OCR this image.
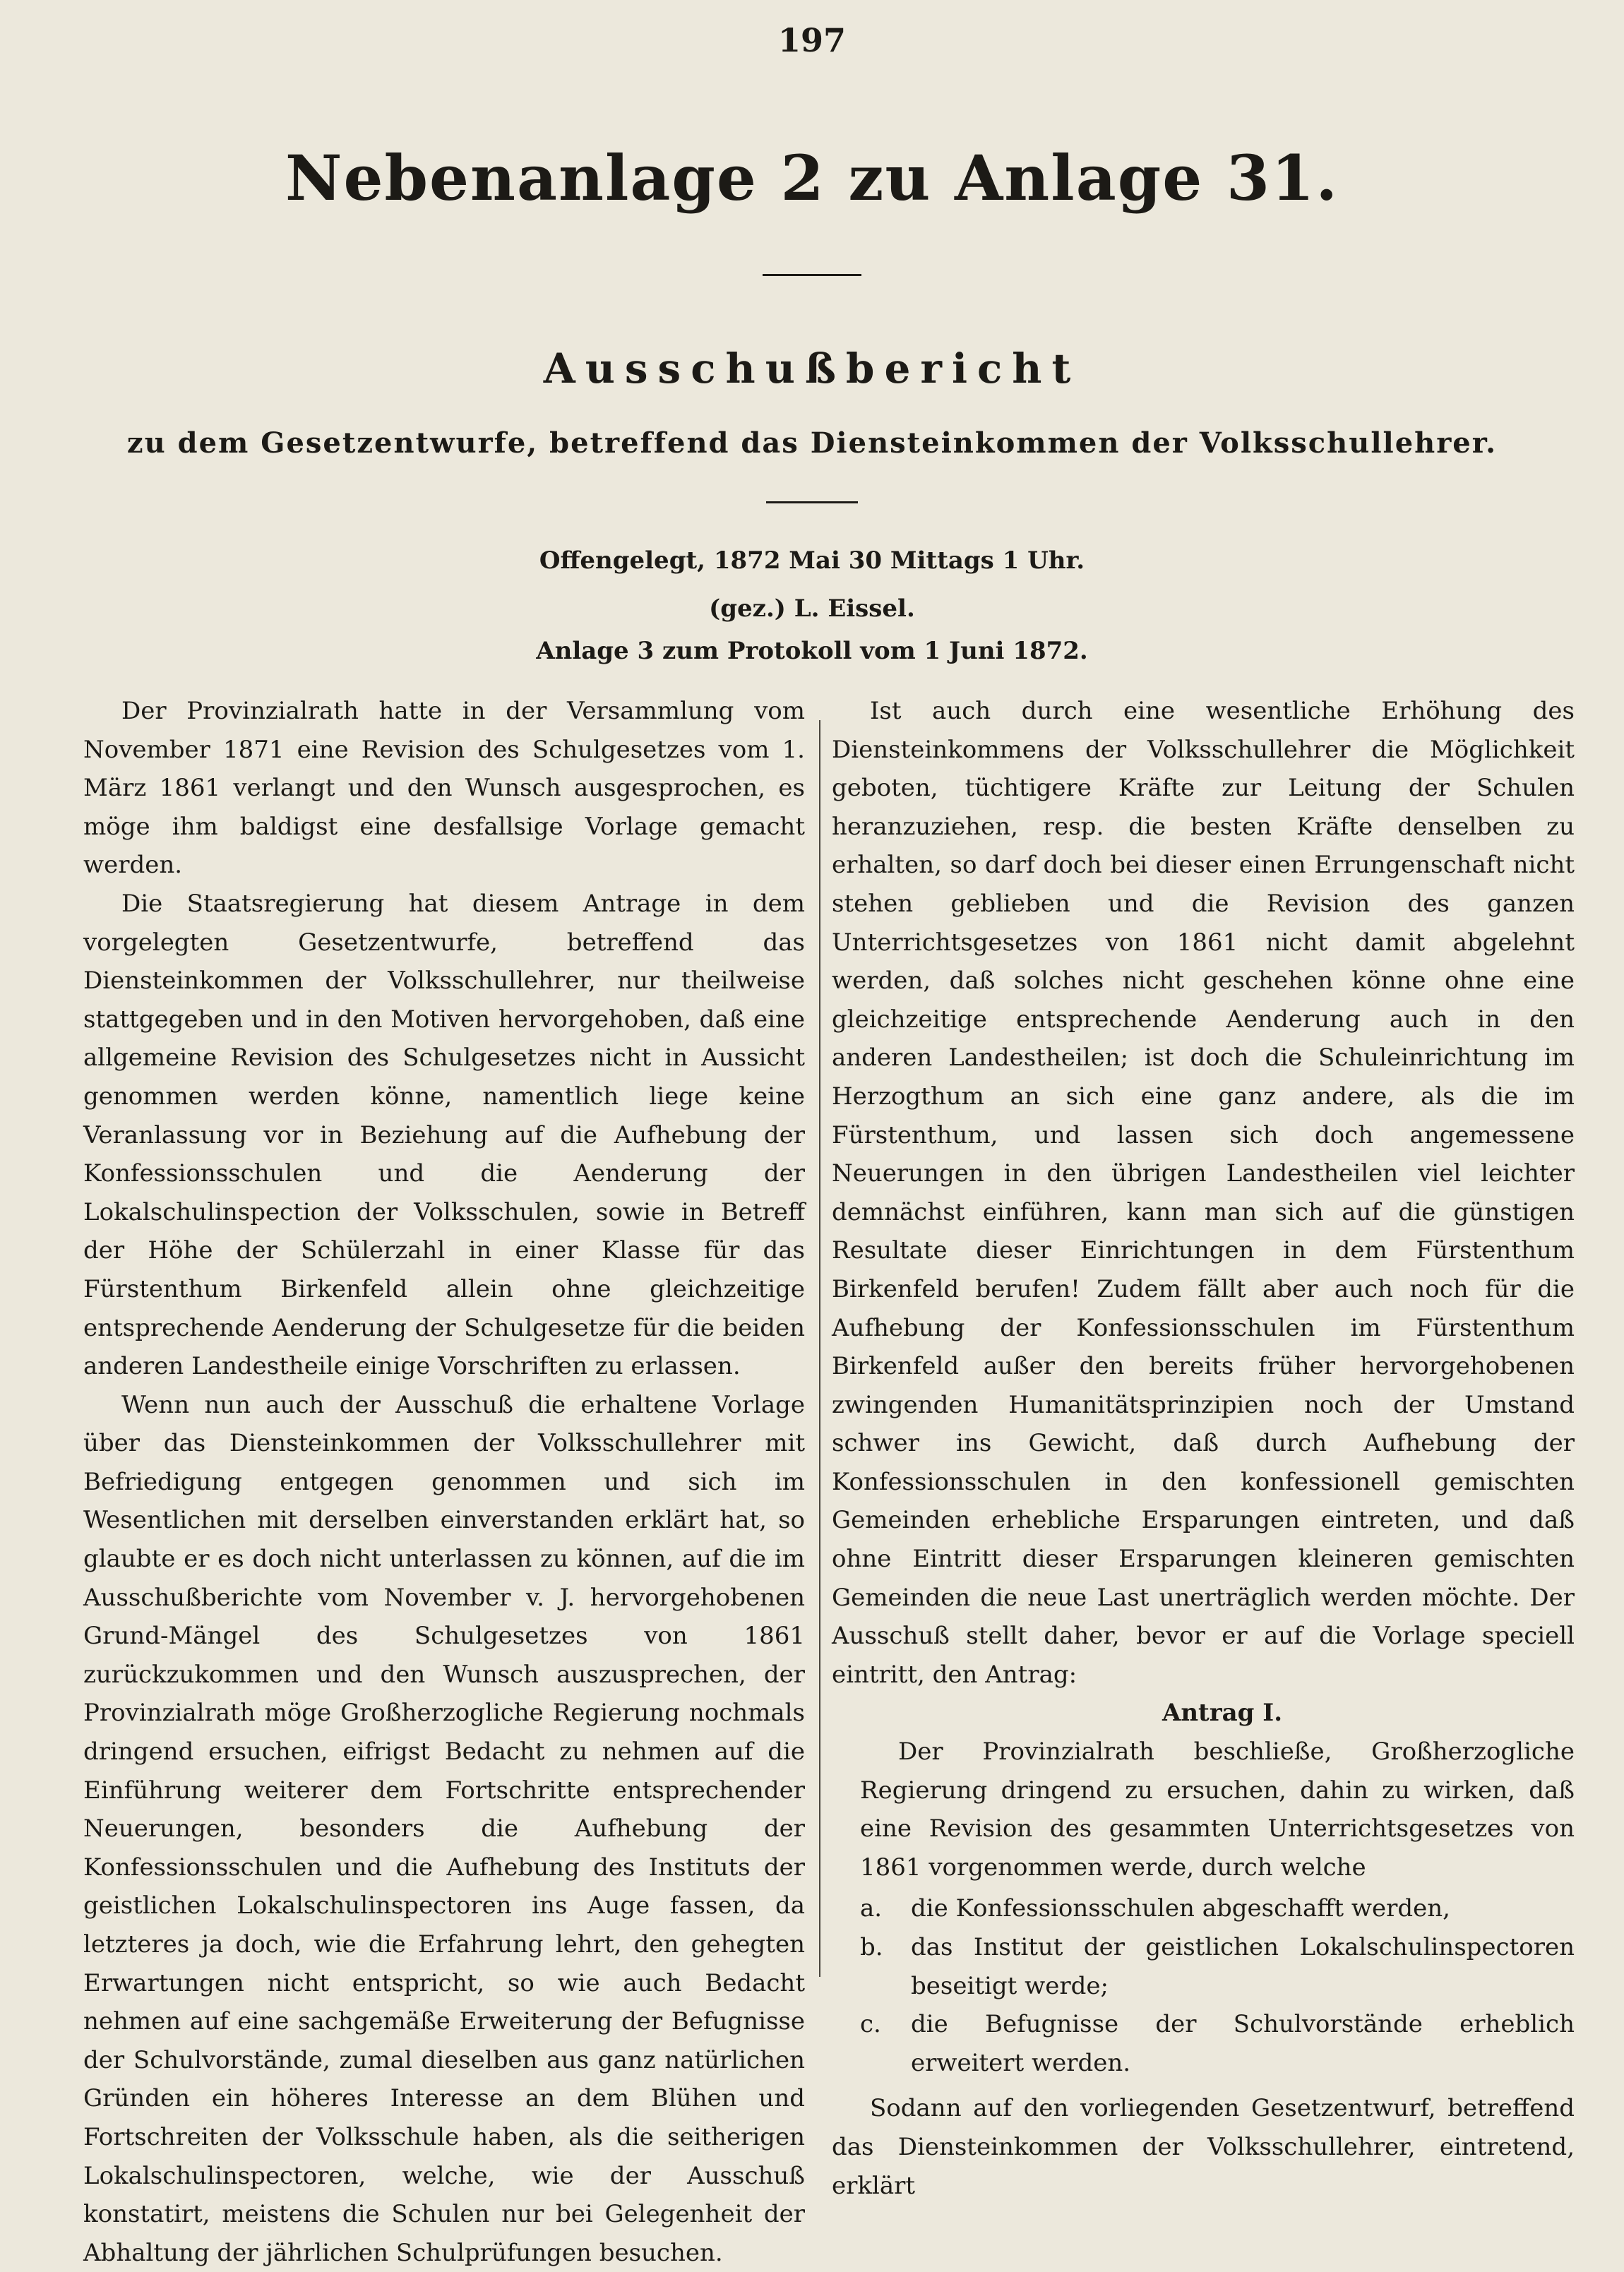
197
Nebenanlage 2 zu Anlage 31.
Ausschußbericht
zu dem Gesetzentwurfe, betreffend das Diensteinkommen der Volksschullehrer.
Offengelegt, 1872 Mai 30 Mittags 1 Uhr.
(gez.) L. Eissel.
Anlage 3 zum Protokoll vom 1 Juni 1872.

Der Provinzialrath hatte in der Versammlung vom November 1871 eine Revision des Schulgesetzes vom 1. März 1861 verlangt und den Wunsch ausgesprochen, es möge ihm baldigst eine desfallsige Vorlage gemacht werden.

Die Staatsregierung hat diesem Antrage in dem vorgelegten Gesetzentwurfe, betreffend das Diensteinkommen der Volksschullehrer, nur theilweise stattgegeben und in den Motiven hervorgehoben, daß eine allgemeine Revision des Schulgesetzes nicht in Aussicht genommen werden könne, namentlich liege keine Veranlassung vor in Beziehung auf die Aufhebung der Konfessionsschulen und die Aenderung der Lokalschulinspection der Volksschulen, sowie in Betreff der Höhe der Schülerzahl in einer Klasse für das Fürstenthum Birkenfeld allein ohne gleichzeitige entsprechende Aenderung der Schulgesetze für die beiden anderen Landestheile einige Vorschriften zu erlassen.

Wenn nun auch der Ausschuß die erhaltene Vorlage über das Diensteinkommen der Volksschullehrer mit Befriedigung entgegen genommen und sich im Wesentlichen mit derselben einverstanden erklärt hat, so glaubte er es doch nicht unterlassen zu können, auf die im Ausschußberichte vom November v. J. hervorgehobenen Grund-Mängel des Schulgesetzes von 1861 zurückzukommen und den Wunsch auszusprechen, der Provinzialrath möge Großherzogliche Regierung nochmals dringend ersuchen, eifrigst Bedacht zu nehmen auf die Einführung weiterer dem Fortschritte entsprechender Neuerungen, besonders die Aufhebung der Konfessionsschulen und die Aufhebung des Instituts der geistlichen Lokalschulinspectoren ins Auge fassen, da letzteres ja doch, wie die Erfahrung lehrt, den gehegten Erwartungen nicht entspricht, so wie auch Bedacht nehmen auf eine sachgemäße Erweiterung der Befugnisse der Schulvorstände, zumal dieselben aus ganz natürlichen Gründen ein höheres Interesse an dem Blühen und Fortschreiten der Volksschule haben, als die seitherigen Lokalschulinspectoren, welche, wie der Ausschuß konstatirt, meistens die Schulen nur bei Gelegenheit der Abhaltung der jährlichen Schulprüfungen besuchen.

Ist auch durch eine wesentliche Erhöhung des Diensteinkommens der Volksschullehrer die Möglichkeit geboten, tüchtigere Kräfte zur Leitung der Schulen heranzuziehen, resp. die besten Kräfte denselben zu erhalten, so darf doch bei dieser einen Errungenschaft nicht stehen geblieben und die Revision des ganzen Unterrichtsgesetzes von 1861 nicht damit abgelehnt werden, daß solches nicht geschehen könne ohne eine gleichzeitige entsprechende Aenderung auch in den anderen Landestheilen; ist doch die Schuleinrichtung im Herzogthum an sich eine ganz andere, als die im Fürstenthum, und lassen sich doch angemessene Neuerungen in den übrigen Landestheilen viel leichter demnächst einführen, kann man sich auf die günstigen Resultate dieser Einrichtungen in dem Fürstenthum Birkenfeld berufen! Zudem fällt aber auch noch für die Aufhebung der Konfessionsschulen im Fürstenthum Birkenfeld außer den bereits früher hervorgehobenen zwingenden Humanitätsprinzipien noch der Umstand schwer ins Gewicht, daß durch Aufhebung der Konfessionsschulen in den konfessionell gemischten Gemeinden erhebliche Ersparungen eintreten, und daß ohne Eintritt dieser Ersparungen kleineren gemischten Gemeinden die neue Last unerträglich werden möchte. Der Ausschuß stellt daher, bevor er auf die Vorlage speciell eintritt, den Antrag:

Antrag I.

Der Provinzialrath beschließe, Großherzogliche Regierung dringend zu ersuchen, dahin zu wirken, daß eine Revision des gesammten Unterrichtsgesetzes von 1861 vorgenommen werde, durch welche

a. die Konfessionsschulen abgeschafft werden,
b. das Institut der geistlichen Lokalschulinspectoren beseitigt werde;
c. die Befugnisse der Schulvorstände erheblich erweitert werden.

Sodann auf den vorliegenden Gesetzentwurf, betreffend das Diensteinkommen der Volksschullehrer, eintretend, erklärt
